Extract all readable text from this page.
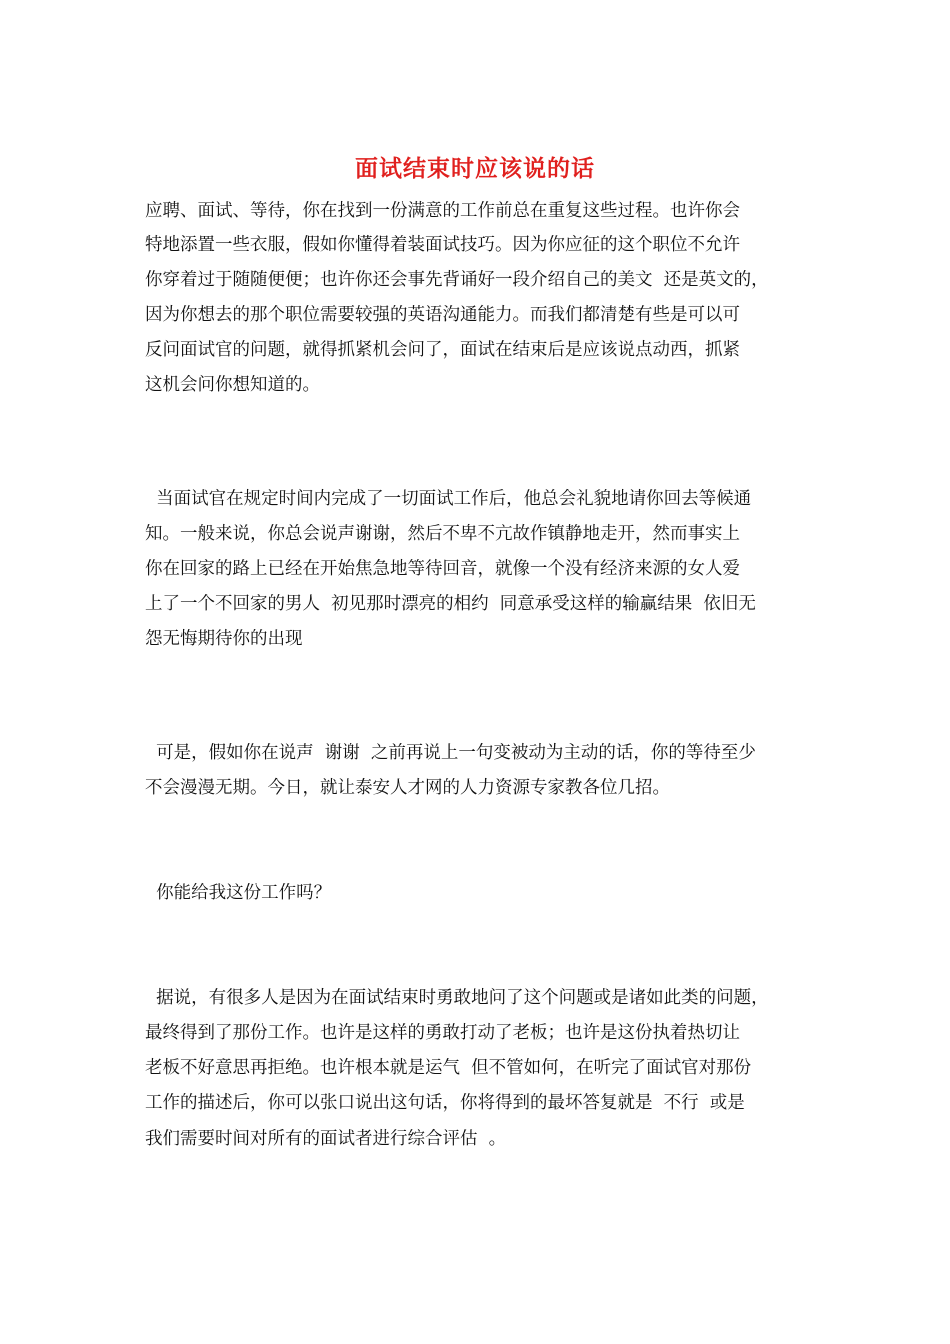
面试结束时应该说的话
应聘、面试、等待，你在找到一份满意的工作前总在重复这些过程。也许你会
特地添置一些衣服，假如你懂得着装面试技巧。因为你应征的这个职位不允许
你穿着过于随随便便；也许你还会事先背诵好一段介绍自己的美文  还是英文的，
因为你想去的那个职位需要较强的英语沟通能力。而我们都清楚有些是可以可
反问面试官的问题，就得抓紧机会问了，面试在结束后是应该说点动西，抓紧
这机会问你想知道的。
当面试官在规定时间内完成了一切面试工作后，他总会礼貌地请你回去等候通
知。一般来说，你总会说声谢谢，然后不卑不亢故作镇静地走开，然而事实上
你在回家的路上已经在开始焦急地等待回音，就像一个没有经济来源的女人爱
上了一个不回家的男人  初见那时漂亮的相约  同意承受这样的输赢结果  依旧无
怨无悔期待你的出现
可是，假如你在说声  谢谢  之前再说上一句变被动为主动的话，你的等待至少
不会漫漫无期。今日，就让泰安人才网的人力资源专家教各位几招。
你能给我这份工作吗？
据说，有很多人是因为在面试结束时勇敢地问了这个问题或是诸如此类的问题，
最终得到了那份工作。也许是这样的勇敢打动了老板；也许是这份执着热切让
老板不好意思再拒绝。也许根本就是运气  但不管如何，在听完了面试官对那份
工作的描述后，你可以张口说出这句话，你将得到的最坏答复就是  不行  或是
我们需要时间对所有的面试者进行综合评估  。
